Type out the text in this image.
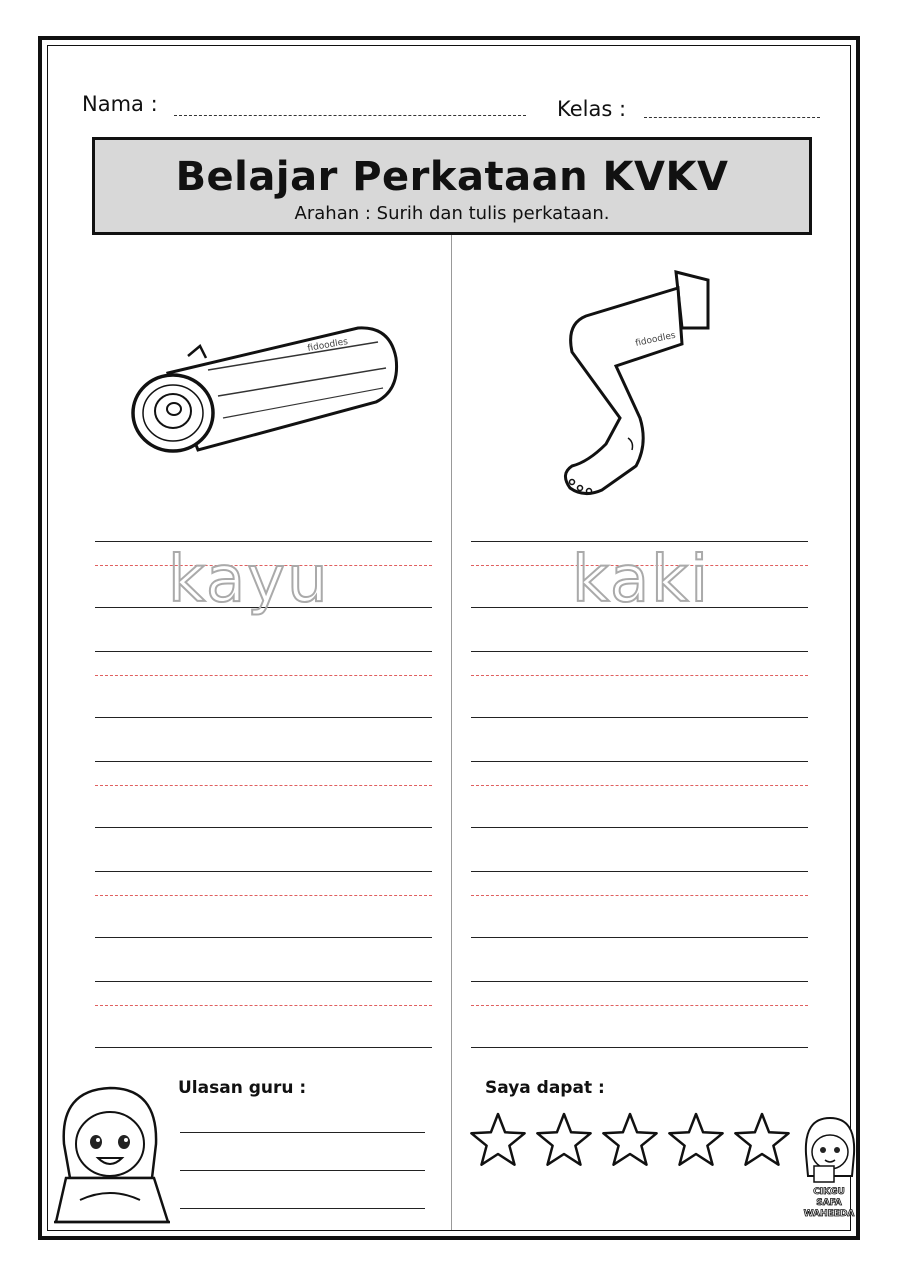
Nama :	Kelas :
Belajar Perkataan KVKV
Arahan : Surih dan tulis perkataan.
fidoodles	fidoodles
kayu	kaki
Ulasan guru :	Saya dapat :
CIKGU SAFA WAHEEDA
